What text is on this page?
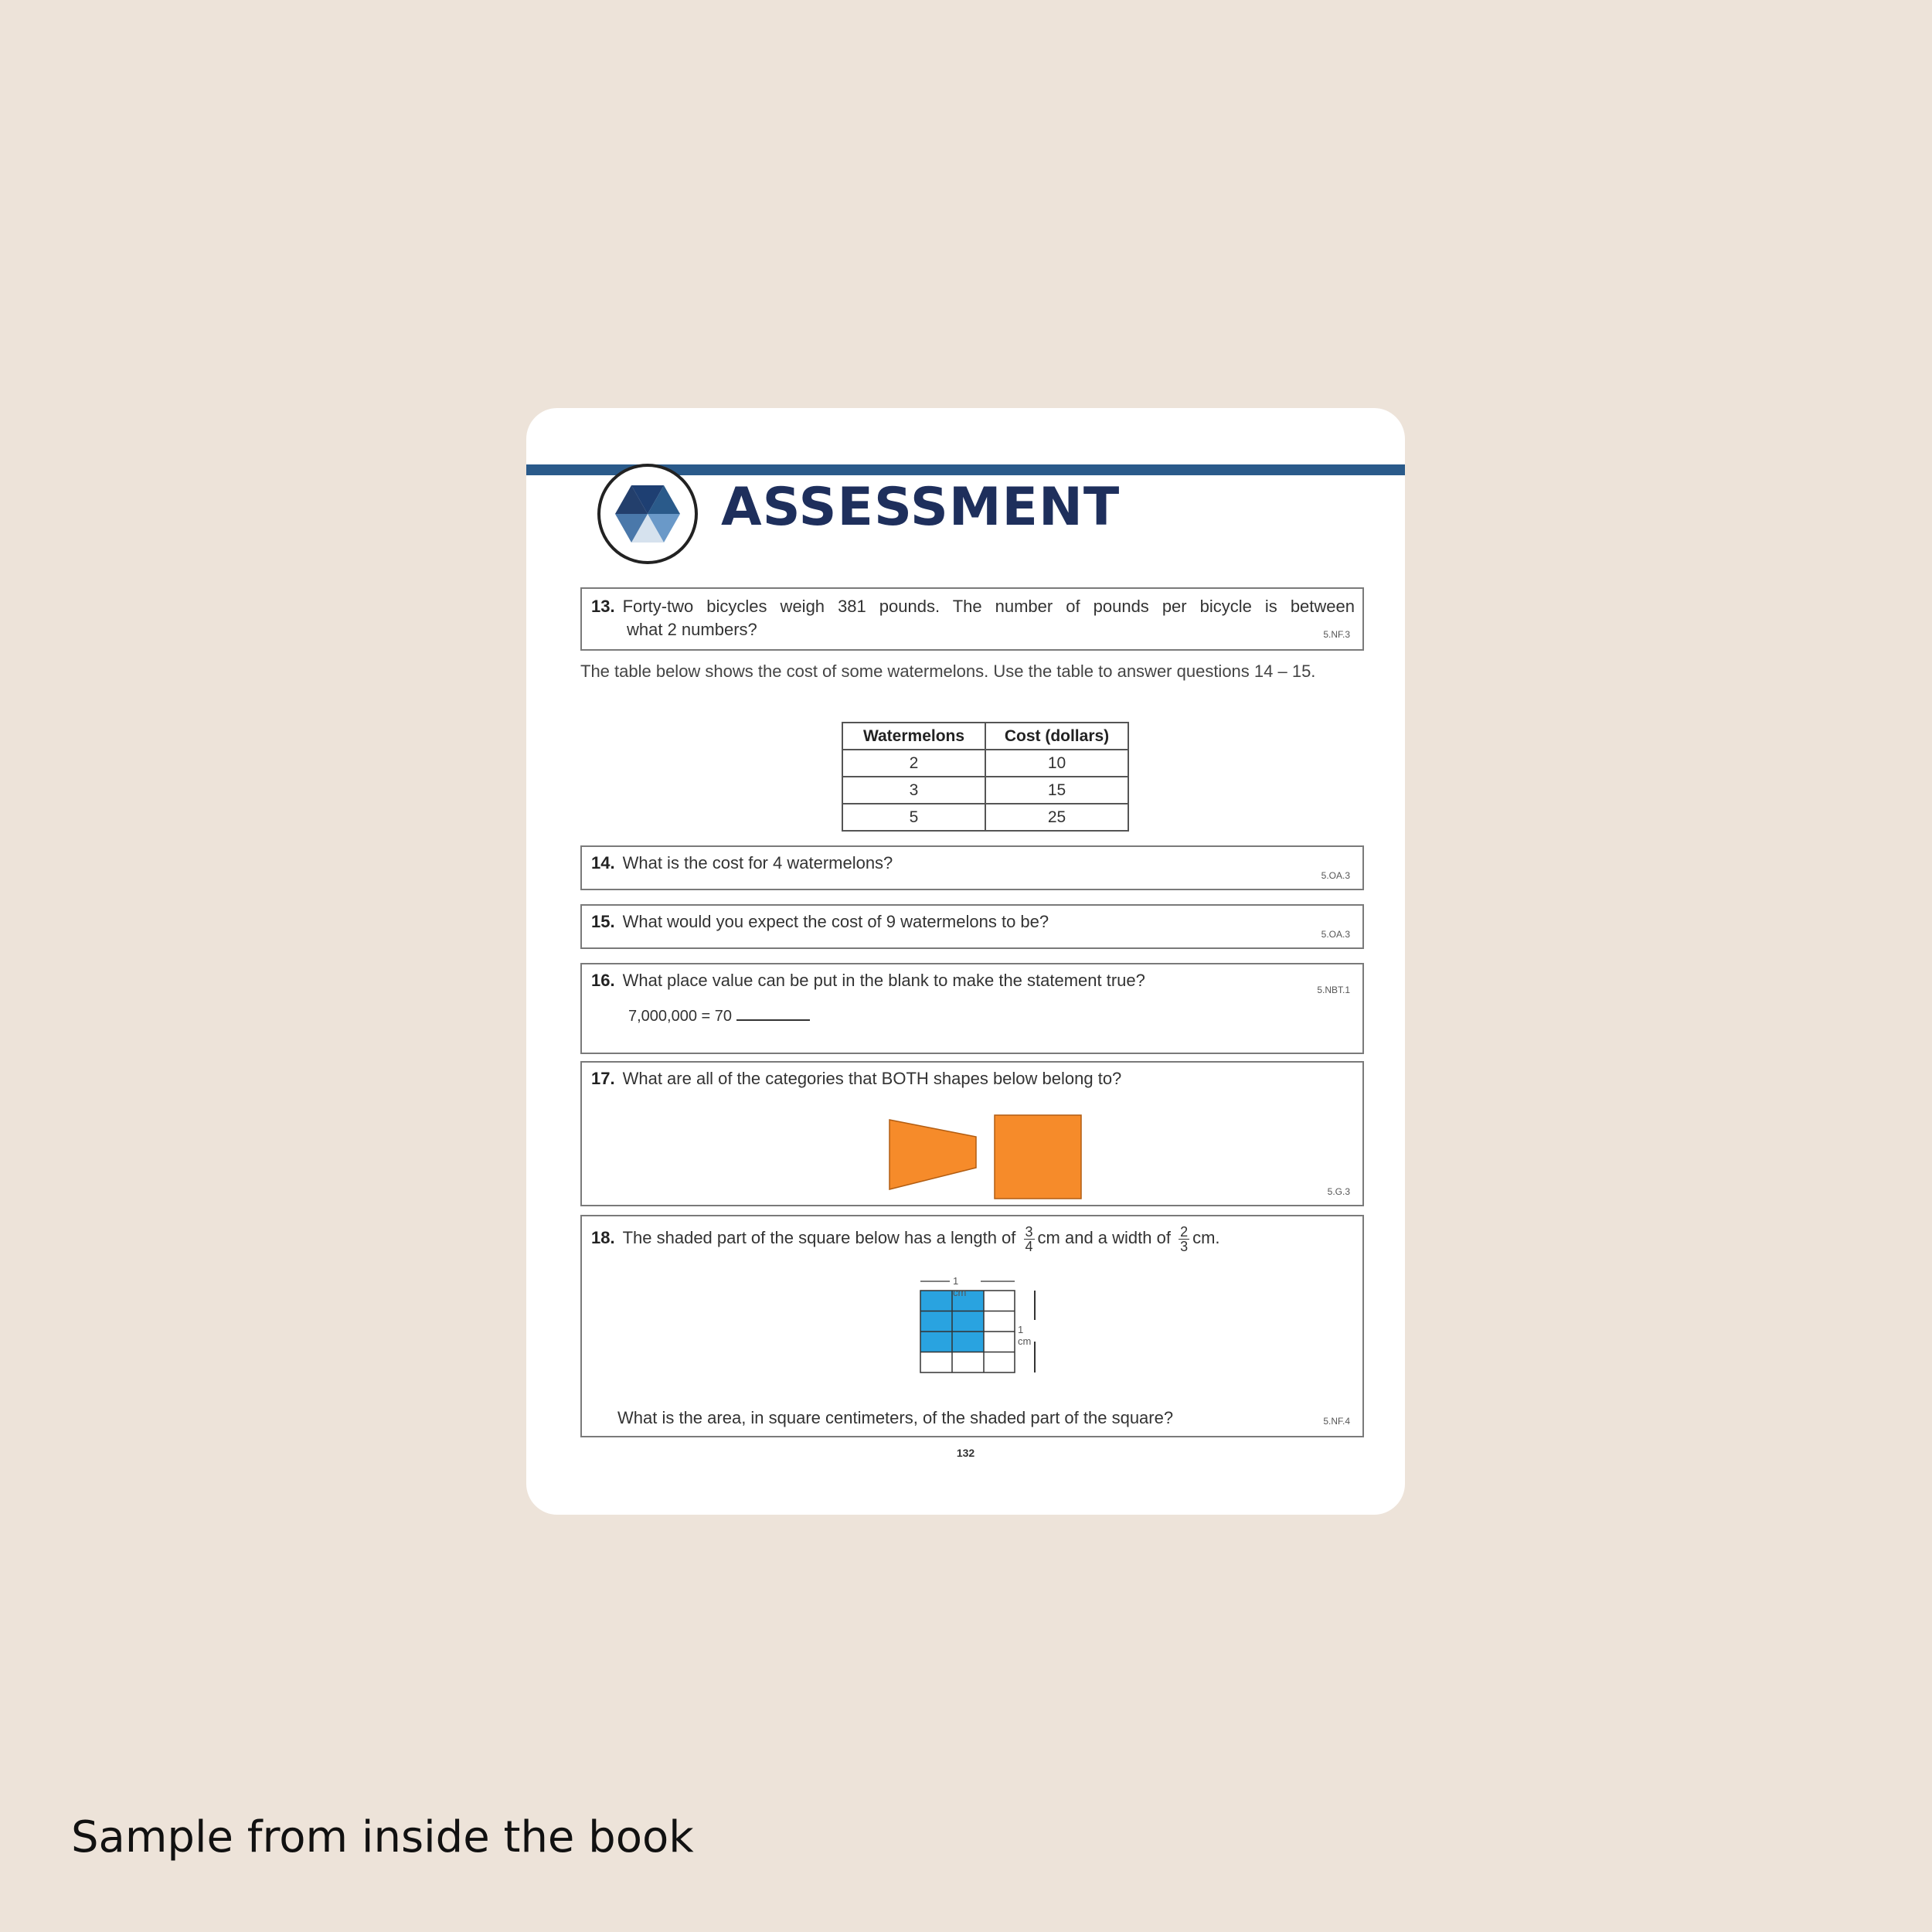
ASSESSMENT
13. Forty-two bicycles weigh 381 pounds. The number of pounds per bicycle is between
what 2 numbers?	5.NF.3
The table below shows the cost of some watermelons. Use the table to answer questions 14 – 15.
Watermelons	Cost (dollars)
2	10
3	15
5	25
14. What is the cost for 4 watermelons?
5.OA.3
15. What would you expect the cost of 9 watermelons to be?
5.OA.3
16. What place value can be put in the blank to make the statement true?
7,000,000 = 70
5.NBT.1
17. What are all of the categories that BOTH shapes below belong to?
5.G.3
18. The shaded part of the square below has a length of $\frac{3}{4}$ cm and a width of $\frac{2}{3}$ cm.
1 cm
1 cm
What is the area, in square centimeters, of the shaded part of the square?	5.NF.4
132
Sample from inside the book
